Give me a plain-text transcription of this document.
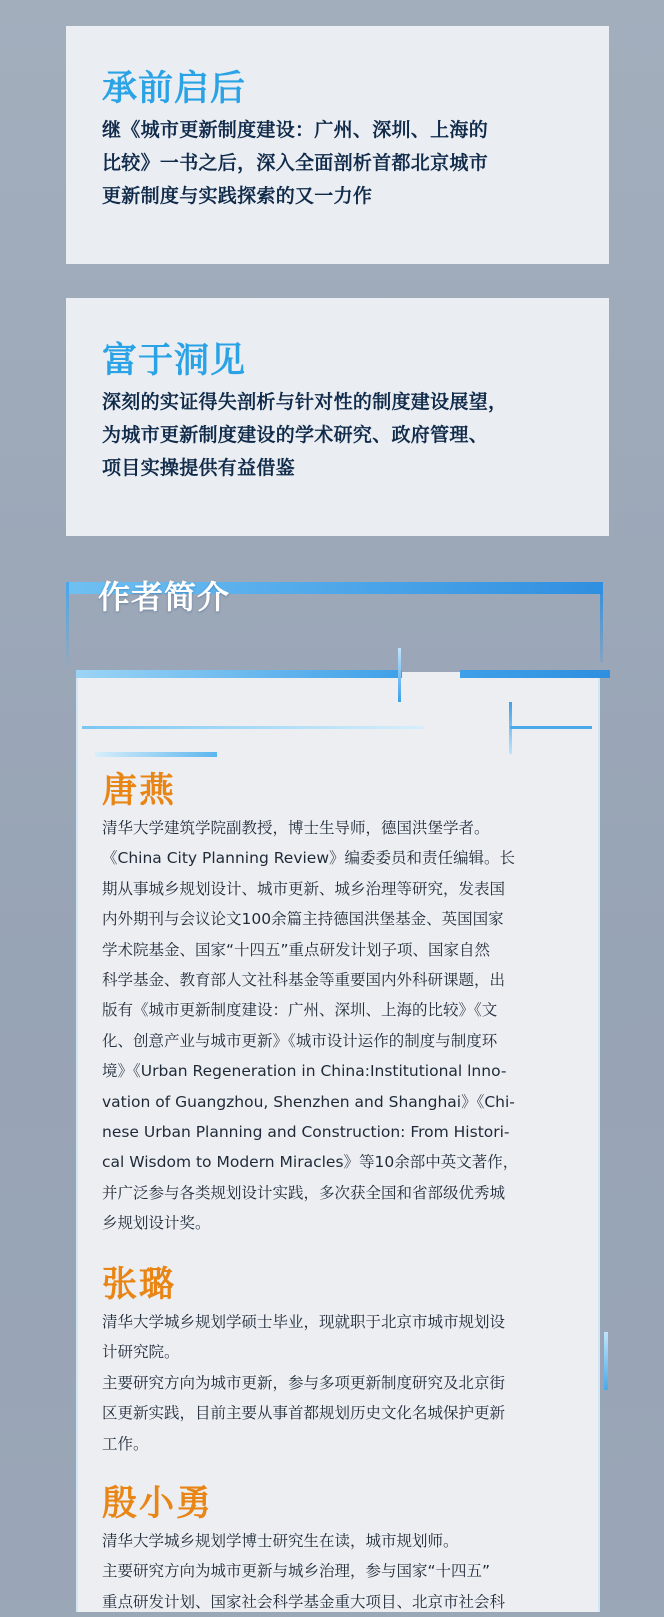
承前启后
继《城市更新制度建设：广州、深圳、上海的
比较》一书之后，深入全面剖析首都北京城市
更新制度与实践探索的又一力作
富于洞见
深刻的实证得失剖析与针对性的制度建设展望，
为城市更新制度建设的学术研究、政府管理、
项目实操提供有益借鉴
作者简介
唐燕

清华大学建筑学院副教授，博士生导师，德国洪堡学者。

《China City Planning Review》编委委员和责任编辑。长

期从事城乡规划设计、城市更新、城乡治理等研究，发表国

内外期刊与会议论文100余篇主持德国洪堡基金、英国国家

学术院基金、国家“十四五”重点研发计划子项、国家自然

科学基金、教育部人文社科基金等重要国内外科研课题，出

版有《城市更新制度建设：广州、深圳、上海的比较》《文

化、创意产业与城市更新》《城市设计运作的制度与制度环

境》《Urban Regeneration in China:Institutional lnno-

vation of Guangzhou, Shenzhen and Shanghai》《Chi-

nese Urban Planning and Construction: From Histori-

cal Wisdom to Modern Miracles》等10余部中英文著作，

并广泛参与各类规划设计实践，多次获全国和省部级优秀城

乡规划设计奖。

张璐

清华大学城乡规划学硕士毕业，现就职于北京市城市规划设

计研究院。

主要研究方向为城市更新，参与多项更新制度研究及北京街

区更新实践，目前主要从事首都规划历史文化名城保护更新

工作。

殷小勇

清华大学城乡规划学博士研究生在读，城市规划师。

主要研究方向为城市更新与城乡治理，参与国家“十四五”

重点研发计划、国家社会科学基金重大项目、北京市社会科
